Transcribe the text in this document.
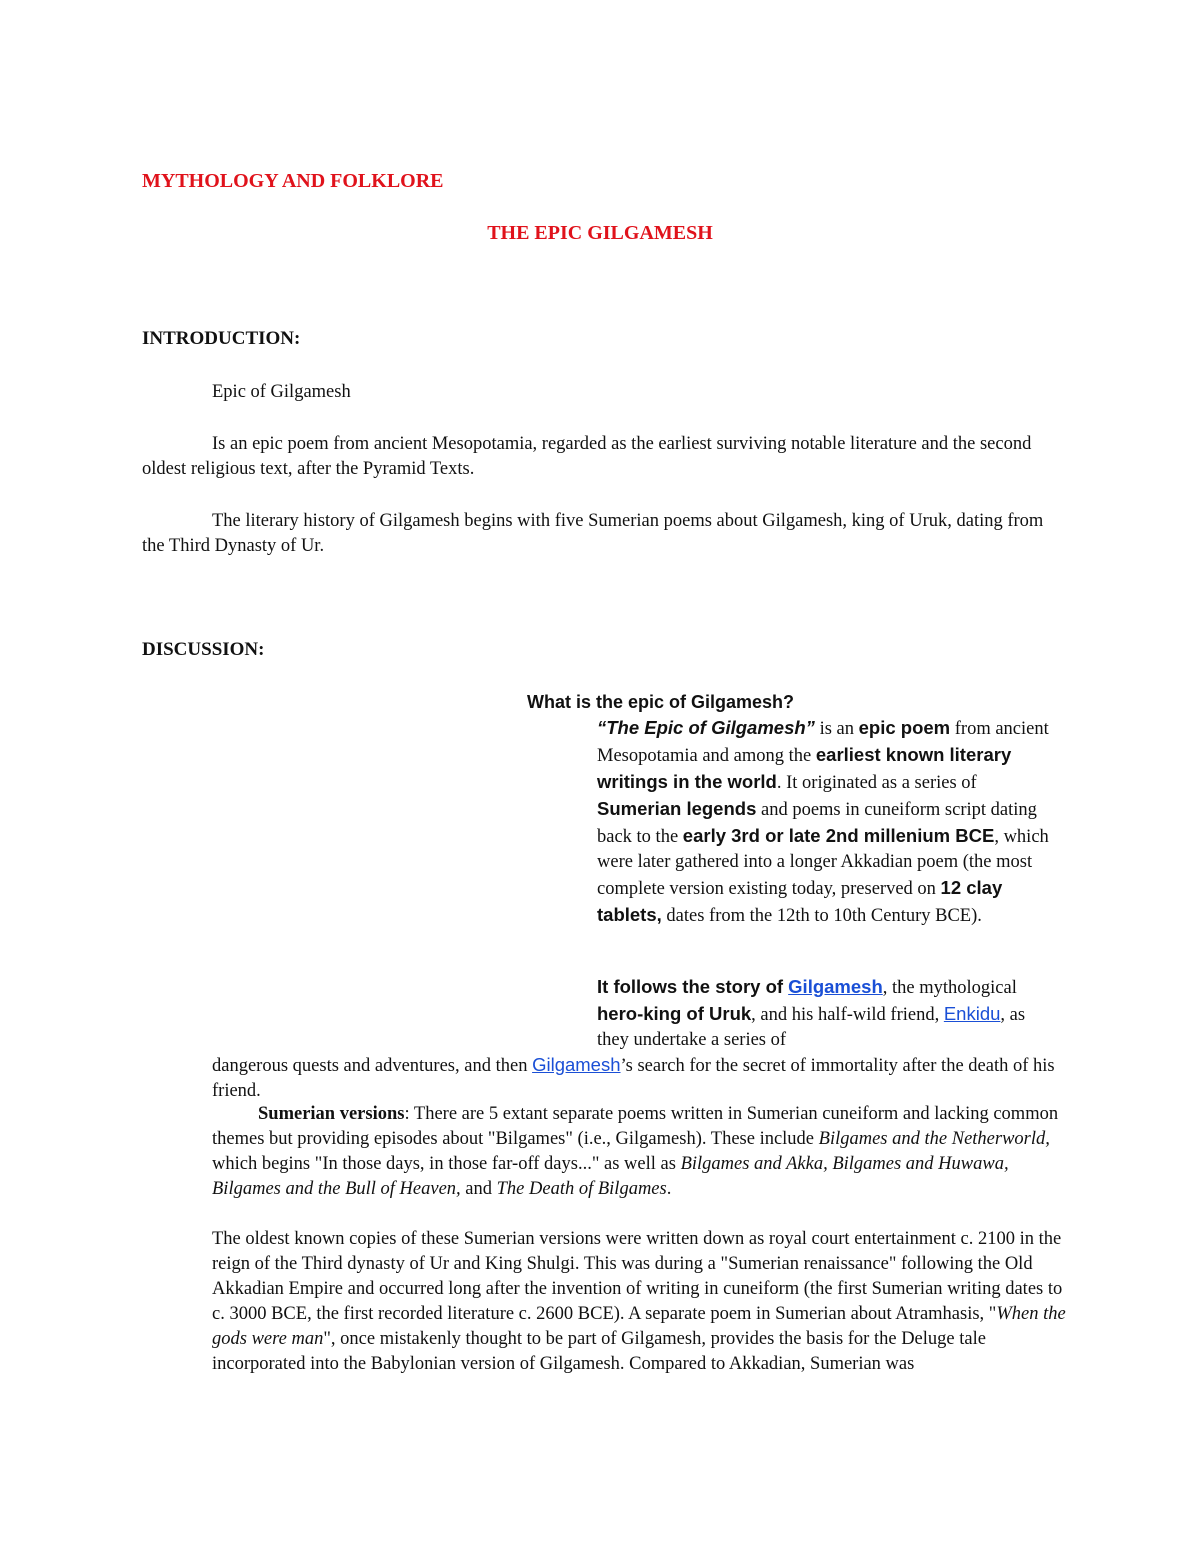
MYTHOLOGY AND FOLKLORE
THE EPIC GILGAMESH
INTRODUCTION:

Epic of Gilgamesh

Is an epic poem from ancient Mesopotamia, regarded as the earliest surviving notable literature and the second oldest religious text, after the Pyramid Texts.

The literary history of Gilgamesh begins with five Sumerian poems about Gilgamesh, king of Uruk, dating from the Third Dynasty of Ur.

DISCUSSION:
What is the epic of Gilgamesh?

“The Epic of Gilgamesh” is an epic poem from ancient Mesopotamia and among the earliest known literary writings in the world. It originated as a series of Sumerian legends and poems in cuneiform script dating back to the early 3rd or late 2nd millenium BCE, which were later gathered into a longer Akkadian poem (the most complete version existing today, preserved on 12 clay tablets, dates from the 12th to 10th Century BCE).

It follows the story of Gilgamesh, the mythological hero-king of Uruk, and his half-wild friend, Enkidu, as they undertake a series of

dangerous quests and adventures, and then Gilgamesh’s search for the secret of immortality after the death of his friend.

Sumerian versions: There are 5 extant separate poems written in Sumerian cuneiform and lacking common themes but providing episodes about "Bilgames" (i.e., Gilgamesh). These include Bilgames and the Netherworld, which begins "In those days, in those far-off days..." as well as Bilgames and Akka, Bilgames and Huwawa, Bilgames and the Bull of Heaven, and The Death of Bilgames.

The oldest known copies of these Sumerian versions were written down as royal court entertainment c. 2100 in the reign of the Third dynasty of Ur and King Shulgi. This was during a "Sumerian renaissance" following the Old Akkadian Empire and occurred long after the invention of writing in cuneiform (the first Sumerian writing dates to c. 3000 BCE, the first recorded literature c. 2600 BCE). A separate poem in Sumerian about Atramhasis, "When the gods were man", once mistakenly thought to be part of Gilgamesh, provides the basis for the Deluge tale incorporated into the Babylonian version of Gilgamesh. Compared to Akkadian, Sumerian was
